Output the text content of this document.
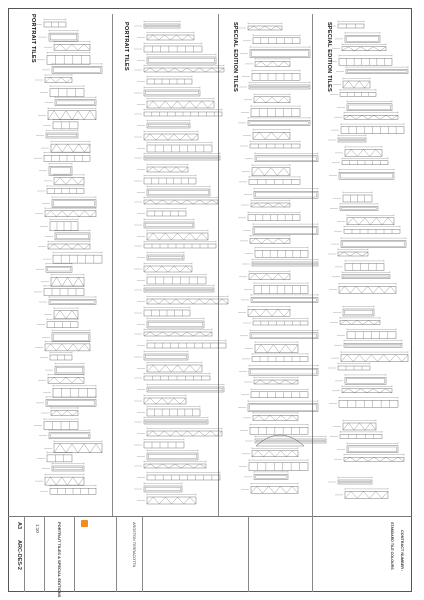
PORTRAIT TILES	PORTRAIT TILES	SPECIAL EDITION TILES	SPECIAL EDITION TILES
A3
ARC-DES-2
1:10	PORTRAIT TILES & SPECIAL EDITIONS	ARGETON TERRACOTTA	CONTRACT NUMBER :
STANDARD TILE COLOURS
